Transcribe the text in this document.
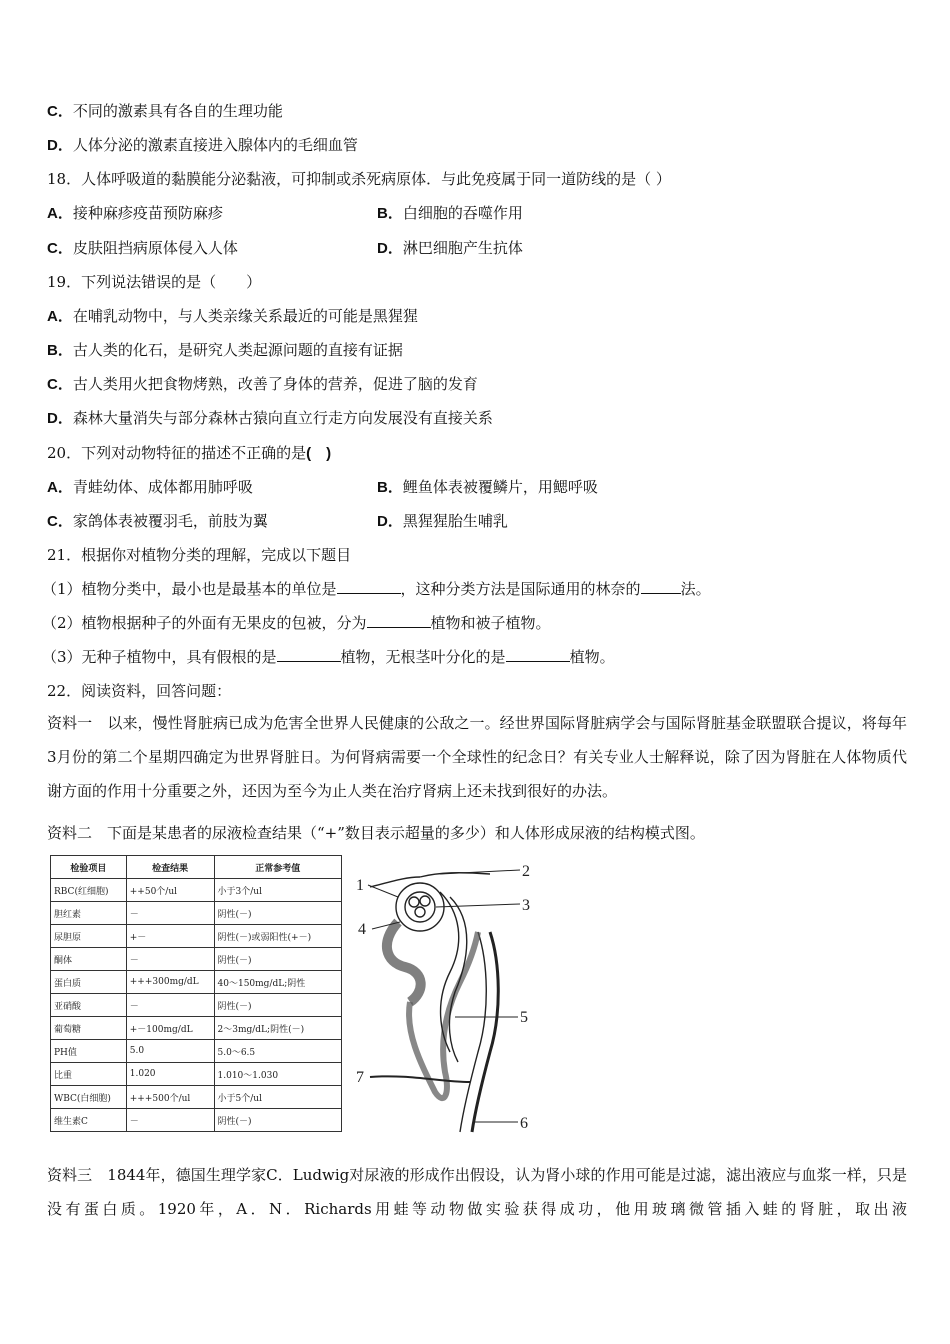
C．不同的激素具有各自的生理功能
D．人体分泌的激素直接进入腺体内的毛细血管
18．人体呼吸道的黏膜能分泌黏液，可抑制或杀死病原体．与此免疫属于同一道防线的是（ ）
A．接种麻疹疫苗预防麻疹	B．白细胞的吞噬作用
C．皮肤阻挡病原体侵入人体	D．淋巴细胞产生抗体
19．下列说法错误的是（　　）
A．在哺乳动物中，与人类亲缘关系最近的可能是黑猩猩
B．古人类的化石，是研究人类起源问题的直接有证据
C．古人类用火把食物烤熟，改善了身体的营养，促进了脑的发育
D．森林大量消失与部分森林古猿向直立行走方向发展没有直接关系
20．下列对动物特征的描述不正确的是(　)
A．青蛙幼体、成体都用肺呼吸	B．鲤鱼体表被覆鳞片，用鳃呼吸
C．家鸽体表被覆羽毛，前肢为翼	D．黑猩猩胎生哺乳
21．根据你对植物分类的理解，完成以下题目
（1）植物分类中，最小也是最基本的单位是	，这种分类方法是国际通用的林奈的	法。
（2）植物根据种子的外面有无果皮的包被，分为	植物和被子植物。
（3）无种子植物中，具有假根的是	植物，无根茎叶分化的是	植物。
22．阅读资料，回答问题：
资料一　以来，慢性肾脏病已成为危害全世界人民健康的公敌之一。经世界国际肾脏病学会与国际肾脏基金联盟联合提议，将每年3月份的第二个星期四确定为世界肾脏日。为何肾病需要一个全球性的纪念日？有关专业人士解释说，除了因为肾脏在人体物质代谢方面的作用十分重要之外，还因为至今为止人类在治疗肾病上还未找到很好的办法。
资料二　下面是某患者的尿液检查结果（“+”数目表示超量的多少）和人体形成尿液的结构模式图。
检验项目	检查结果	正常参考值
RBC(红细胞)	++50个/ul	小于3个/ul
胆红素	－	阴性(－)
尿胆原	+－	阴性(－)或弱阳性(+－)
酮体	－	阴性(－)
蛋白质	+++300mg/dL	40～150mg/dL;阴性
亚硝酸	－	阴性(－)
葡萄糖	+－100mg/dL	2～3mg/dL;阴性(－)
PH值	5.0	5.0～6.5
比重	1.020	1.010～1.030
WBC(白细胞)	+++500个/ul	小于5个/ul
维生素C	－	阴性(－)
1
2
3
4
5
6
7
资料三　1844年，德国生理学家C．Ludwig对尿液的形成作出假设，认为肾小球的作用可能是过滤，滤出液应与血浆一样，只是没有蛋白质。1920年，A．N．Richards用蛙等动物做实验获得成功，他用玻璃微管插入蛙的肾脏，取出液
